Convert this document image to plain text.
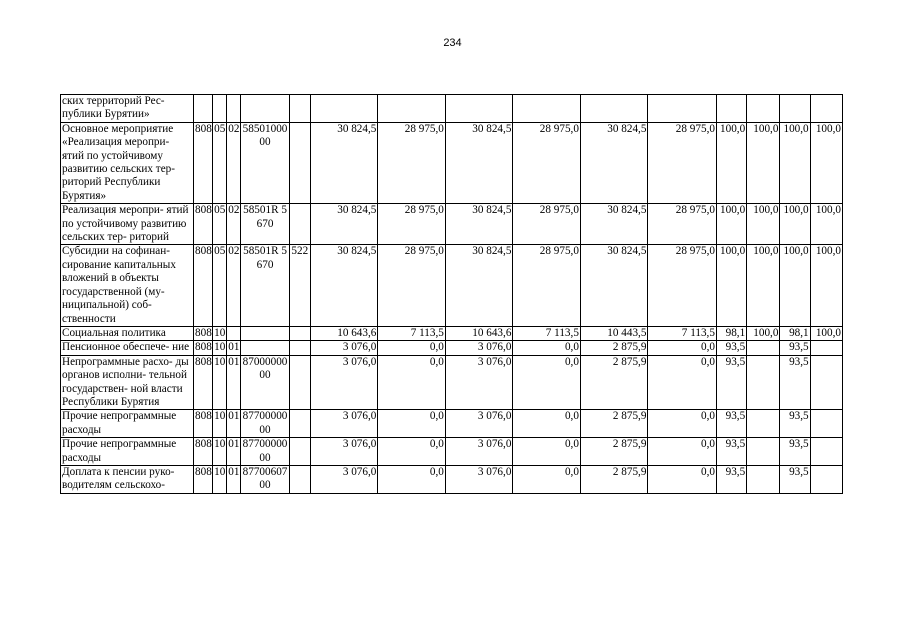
234
ских территорий Рес- публики Бурятии»															
Основное мероприятие «Реализация меропри- ятий по устойчивому развитию сельских тер- риторий Республики Бурятия»	808	05	02	58501000 00		30 824,5	28 975,0	30 824,5	28 975,0	30 824,5	28 975,0	100,0	100,0	100,0	100,0
Реализация меропри- ятий по устойчивому развитию сельских тер- риторий	808	05	02	58501R 5670		30 824,5	28 975,0	30 824,5	28 975,0	30 824,5	28 975,0	100,0	100,0	100,0	100,0
Субсидии на софинан- сирование капитальных вложений в объекты государственной (му- ниципальной) соб- ственности	808	05	02	58501R 5670	522	30 824,5	28 975,0	30 824,5	28 975,0	30 824,5	28 975,0	100,0	100,0	100,0	100,0
Социальная политика	808	10				10 643,6	7 113,5	10 643,6	7 113,5	10 443,5	7 113,5	98,1	100,0	98,1	100,0
Пенсионное обеспече- ние	808	10	01			3 076,0	0,0	3 076,0	0,0	2 875,9	0,0	93,5		93,5	
Непрограммные расхо- ды органов исполни- тельной государствен- ной власти Республики Бурятия	808	10	01	87000000 00		3 076,0	0,0	3 076,0	0,0	2 875,9	0,0	93,5		93,5	
Прочие непрограммные расходы	808	10	01	87700000 00		3 076,0	0,0	3 076,0	0,0	2 875,9	0,0	93,5		93,5	
Прочие непрограммные расходы	808	10	01	87700000 00		3 076,0	0,0	3 076,0	0,0	2 875,9	0,0	93,5		93,5	
Доплата к пенсии руко- водителям сельскохо-	808	10	01	87700607 00		3 076,0	0,0	3 076,0	0,0	2 875,9	0,0	93,5		93,5	
